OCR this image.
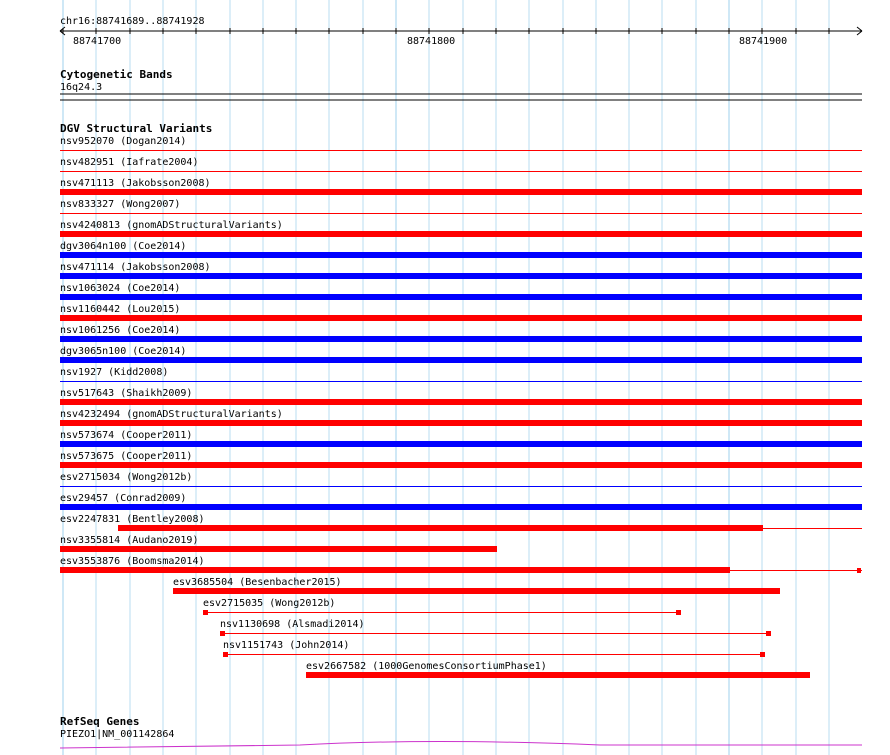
chr16:88741689..88741928
88741700	88741800	88741900
Cytogenetic Bands
16q24.3
DGV Structural Variants
nsv952070 (Dogan2014)
nsv482951 (Iafrate2004)
nsv471113 (Jakobsson2008)
nsv833327 (Wong2007)
nsv4240813 (gnomADStructuralVariants)
dgv3064n100 (Coe2014)
nsv471114 (Jakobsson2008)
nsv1063024 (Coe2014)
nsv1160442 (Lou2015)
nsv1061256 (Coe2014)
dgv3065n100 (Coe2014)
nsv1927 (Kidd2008)
nsv517643 (Shaikh2009)
nsv4232494 (gnomADStructuralVariants)
nsv573674 (Cooper2011)
nsv573675 (Cooper2011)
esv2715034 (Wong2012b)
esv29457 (Conrad2009)
esv2247831 (Bentley2008)
nsv3355814 (Audano2019)
esv3553876 (Boomsma2014)
esv3685504 (Besenbacher2015)
esv2715035 (Wong2012b)
nsv1130698 (Alsmadi2014)
nsv1151743 (John2014)
esv2667582 (1000GenomesConsortiumPhase1)
RefSeq Genes
PIEZO1|NM_001142864
